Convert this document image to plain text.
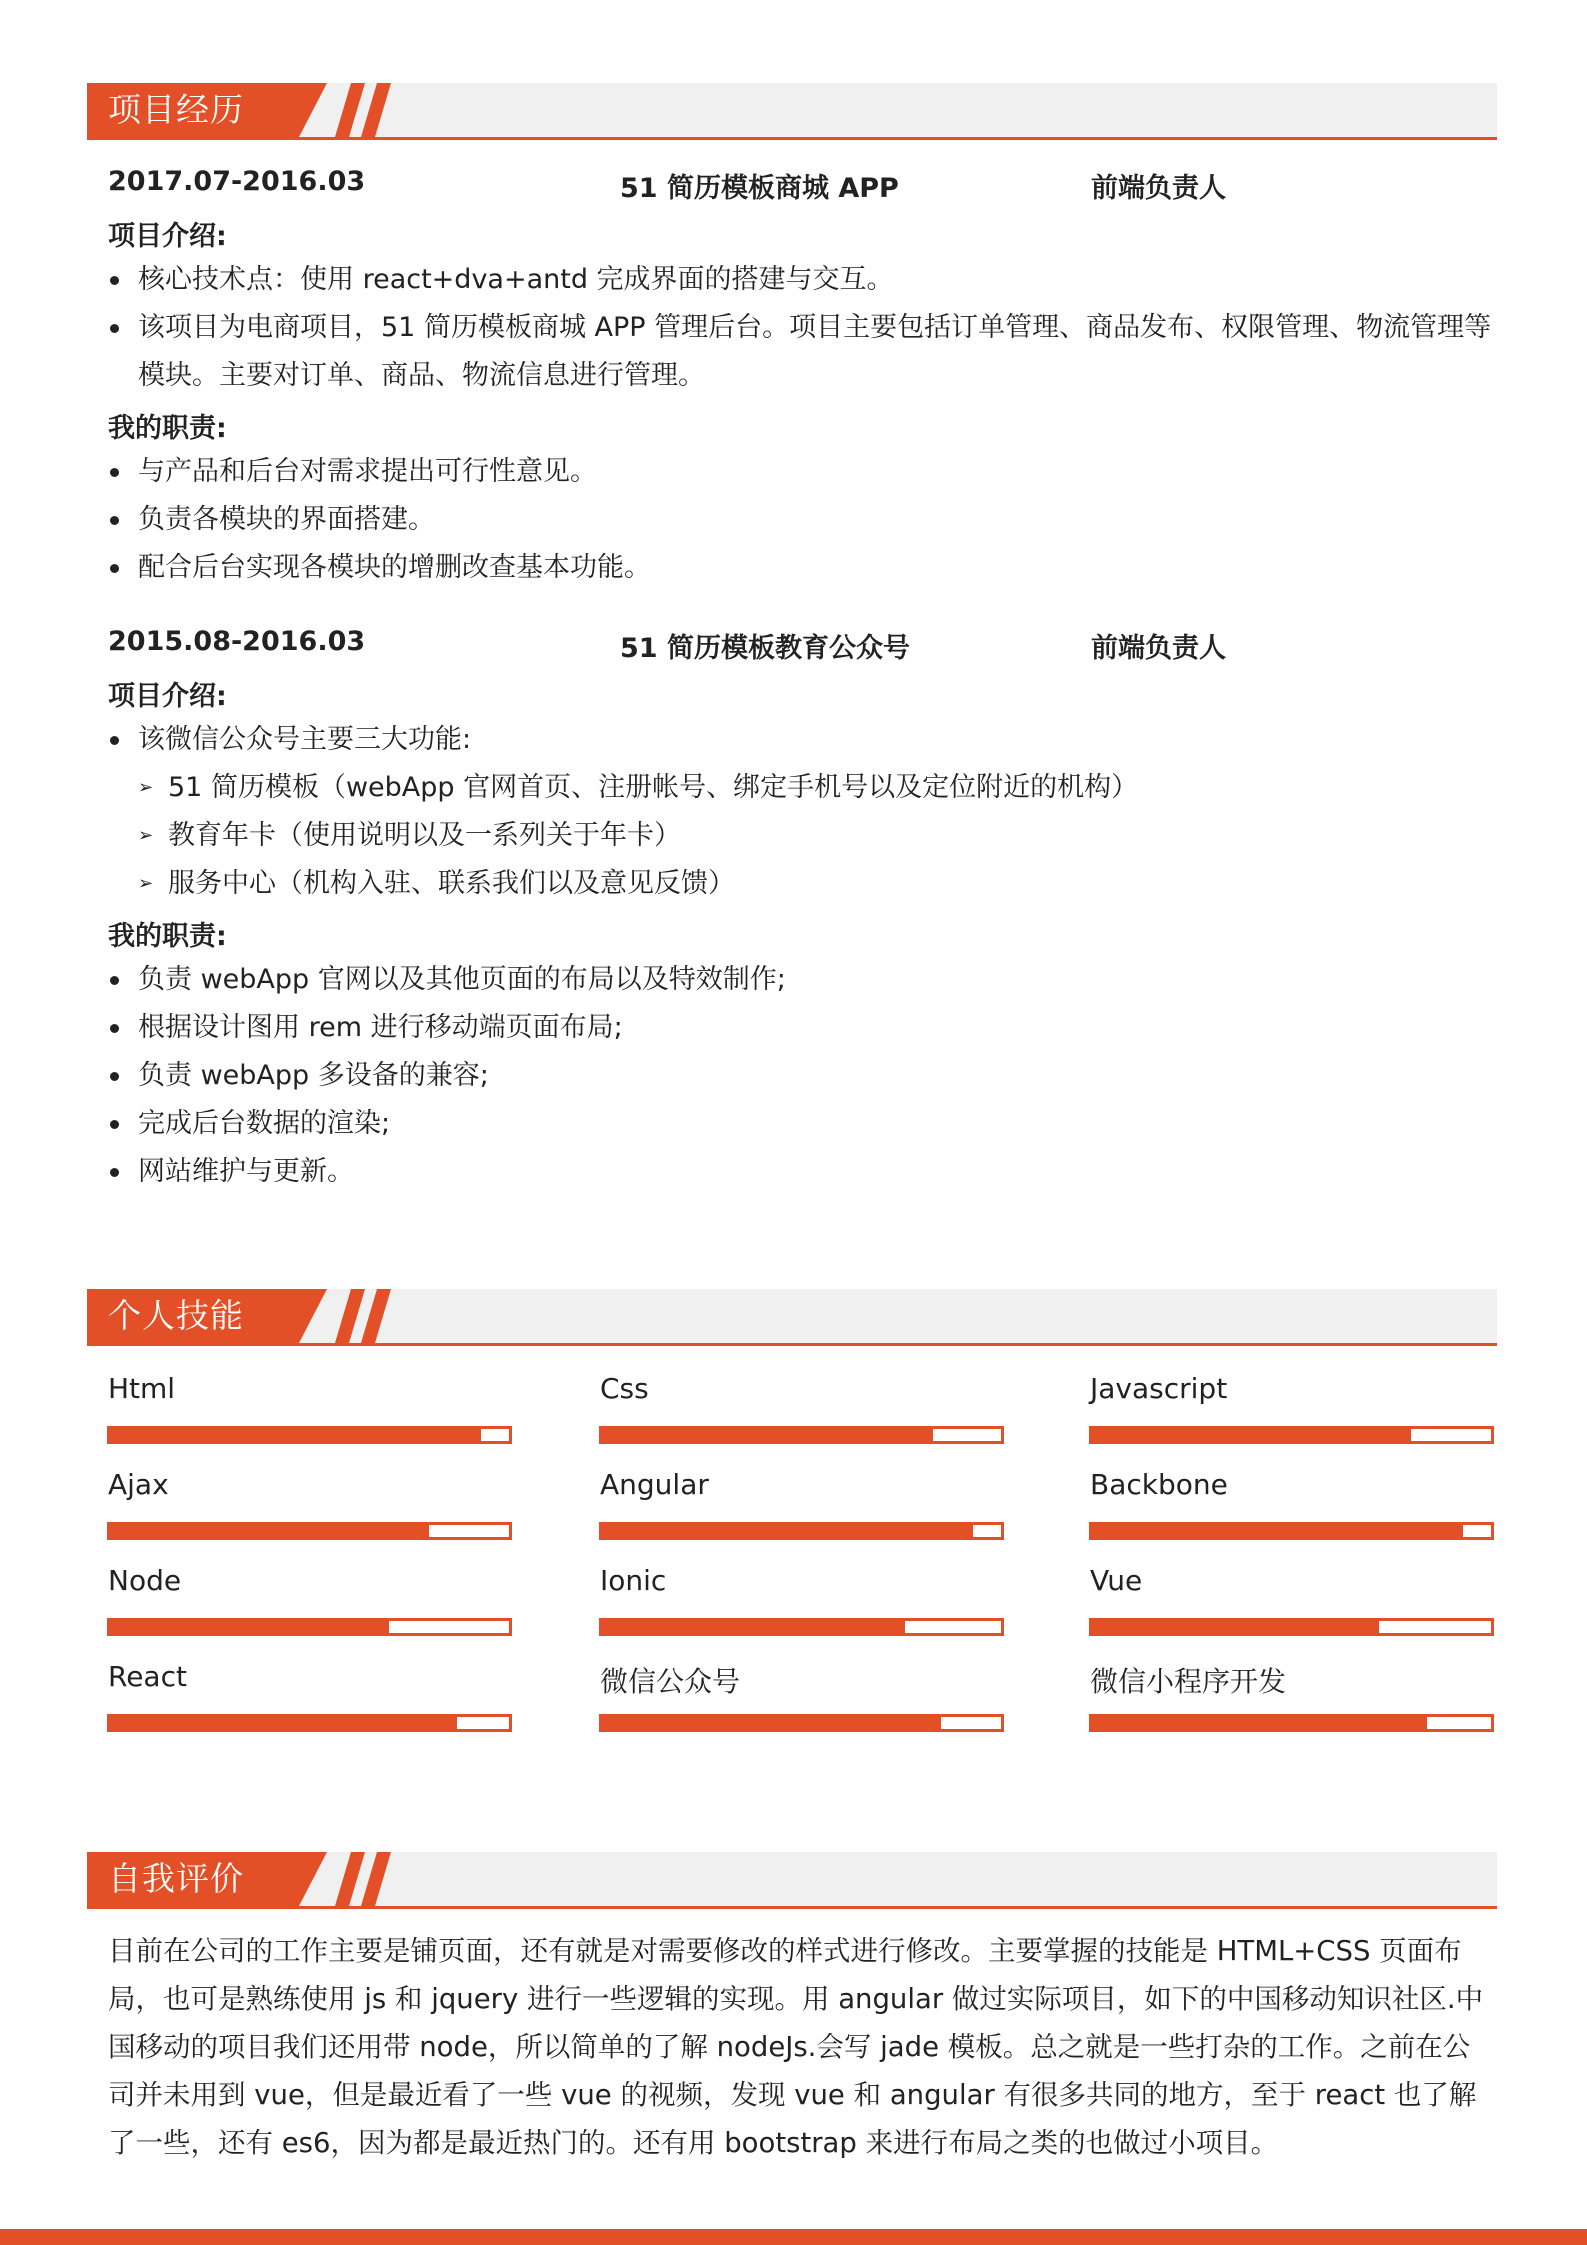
项目经历
2017.07-2016.03	51 简历模板商城 APP	前端负责人
项目介绍:
核心技术点：使用 react+dva+antd 完成界面的搭建与交互。
该项目为电商项目，51 简历模板商城 APP 管理后台。项目主要包括订单管理、商品发布、权限管理、物流管理等模块。主要对订单、商品、物流信息进行管理。
我的职责:
与产品和后台对需求提出可行性意见。
负责各模块的界面搭建。
配合后台实现各模块的增删改查基本功能。
2015.08-2016.03	51 简历模板教育公众号	前端负责人
项目介绍:
该微信公众号主要三大功能:
➢ 51 简历模板（webApp 官网首页、注册帐号、绑定手机号以及定位附近的机构）
➢ 教育年卡（使用说明以及一系列关于年卡）
➢ 服务中心（机构入驻、联系我们以及意见反馈）
我的职责:
负责 webApp 官网以及其他页面的布局以及特效制作;
根据设计图用 rem 进行移动端页面布局;
负责 webApp 多设备的兼容;
完成后台数据的渲染;
网站维护与更新。
个人技能
Html	Css	Javascript
Ajax	Angular	Backbone
Node	Ionic	Vue
React	微信公众号	微信小程序开发
自我评价
目前在公司的工作主要是铺页面，还有就是对需要修改的样式进行修改。主要掌握的技能是 HTML+CSS 页面布局，也可是熟练使用 js 和 jquery 进行一些逻辑的实现。用 angular 做过实际项目，如下的中国移动知识社区.中国移动的项目我们还用带 node，所以简单的了解 nodeJs.会写 jade 模板。总之就是一些打杂的工作。之前在公司并未用到 vue，但是最近看了一些 vue 的视频，发现 vue 和 angular 有很多共同的地方，至于 react 也了解了一些，还有 es6，因为都是最近热门的。还有用 bootstrap 来进行布局之类的也做过小项目。
